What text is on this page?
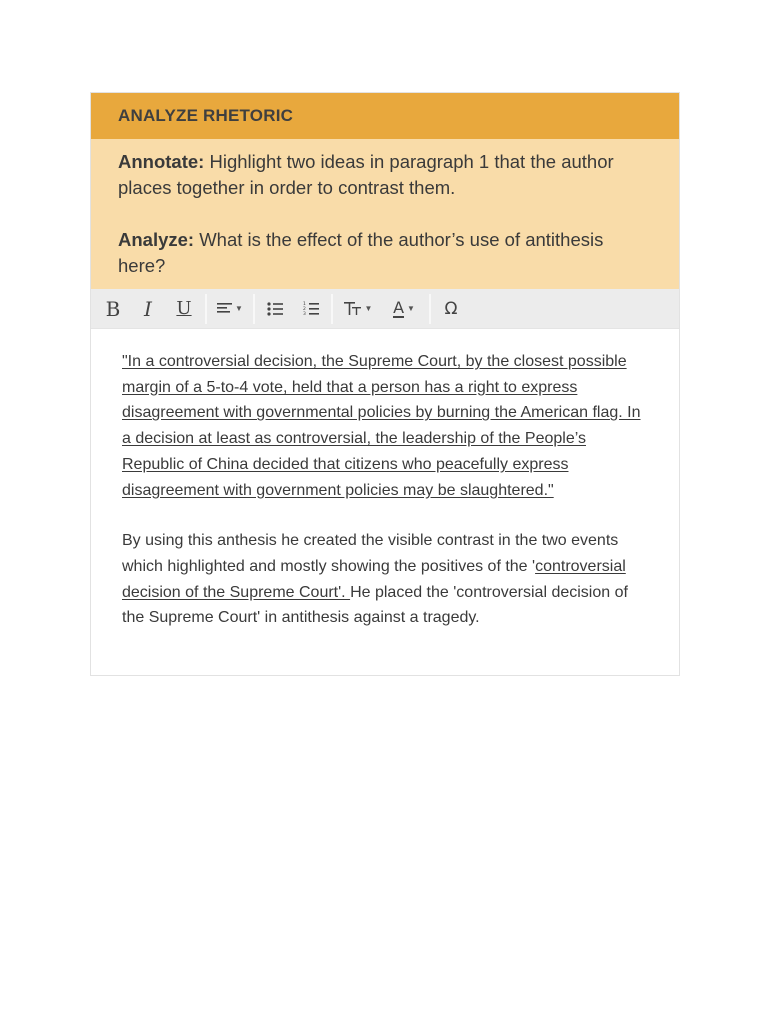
ANALYZE RHETORIC

Annotate: Highlight two ideas in paragraph 1 that the author places together in order to contrast them.

Analyze: What is the effect of the author’s use of antithesis here?

B I U	▼	1
2
3
▼ A ▼ Ω

"In a controversial decision, the Supreme Court, by the closest possible margin of a 5-to-4 vote, held that a person has a right to express disagreement with governmental policies by burning the American flag. In a decision at least as controversial, the leadership of the People’s Republic of China decided that citizens who peacefully express disagreement with government policies may be slaughtered."

By using this anthesis he created the visible contrast in the two events which highlighted and mostly showing the positives of the 'controversial decision of the Supreme Court'. He placed the 'controversial decision of the Supreme Court' in antithesis against a tragedy.
